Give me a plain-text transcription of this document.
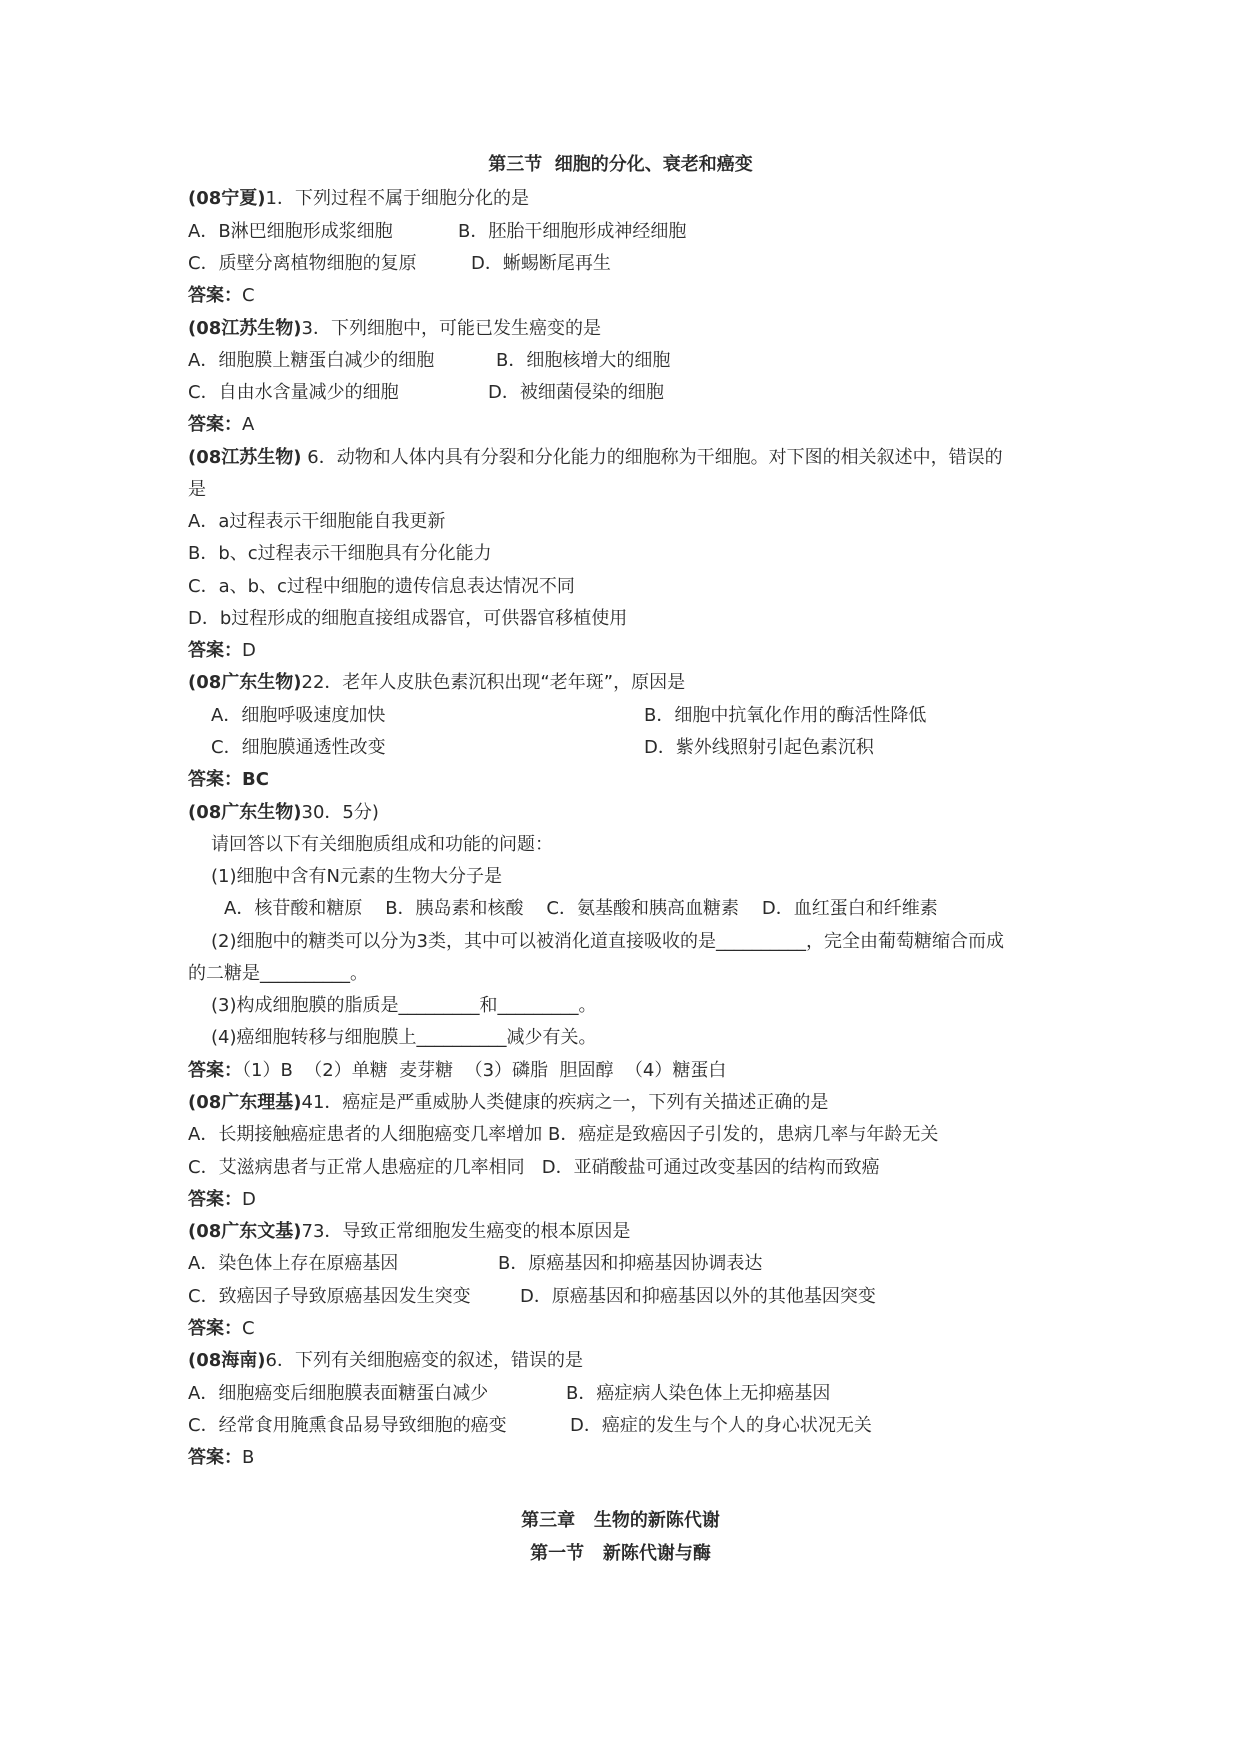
第三节  细胞的分化、衰老和癌变
(08宁夏)1．下列过程不属于细胞分化的是
A．B淋巴细胞形成浆细胞	B．胚胎干细胞形成神经细胞
C．质壁分离植物细胞的复原	D．蜥蜴断尾再生
答案：C
(08江苏生物)3．下列细胞中，可能已发生癌变的是
A．细胞膜上糖蛋白减少的细胞	B．细胞核增大的细胞
C．自由水含量减少的细胞	D．被细菌侵染的细胞
答案：A
(08江苏生物) 6．动物和人体内具有分裂和分化能力的细胞称为干细胞。对下图的相关叙述中，错误的
是
A．a过程表示干细胞能自我更新
B．b、c过程表示干细胞具有分化能力
C．a、b、c过程中细胞的遗传信息表达情况不同
D．b过程形成的细胞直接组成器官，可供器官移植使用
答案：D
(08广东生物)22．老年人皮肤色素沉积出现“老年斑”，原因是
A．细胞呼吸速度加快	B．细胞中抗氧化作用的酶活性降低
C．细胞膜通透性改变	D．紫外线照射引起色素沉积
答案：BC
(08广东生物)30．5分)
请回答以下有关细胞质组成和功能的问题：
(1)细胞中含有N元素的生物大分子是
A．核苷酸和糖原    B．胰岛素和核酸    C．氨基酸和胰高血糖素    D．血红蛋白和纤维素
(2)细胞中的糖类可以分为3类，其中可以被消化道直接吸收的是__________，完全由葡萄糖缩合而成
的二糖是__________。
(3)构成细胞膜的脂质是_________和_________。
(4)癌细胞转移与细胞膜上__________减少有关。
答案：（1）B  （2）单糖  麦芽糖  （3）磷脂  胆固醇  （4）糖蛋白
(08广东理基)41．癌症是严重威胁人类健康的疾病之一，下列有关描述正确的是
A．长期接触癌症患者的人细胞癌变几率增加 B．癌症是致癌因子引发的，患病几率与年龄无关
C．艾滋病患者与正常人患癌症的几率相同   D．亚硝酸盐可通过改变基因的结构而致癌
答案：D
(08广东文基)73．导致正常细胞发生癌变的根本原因是
A．染色体上存在原癌基因	B．原癌基因和抑癌基因协调表达
C．致癌因子导致原癌基因发生突变	D．原癌基因和抑癌基因以外的其他基因突变
答案：C
(08海南)6．下列有关细胞癌变的叙述，错误的是
A．细胞癌变后细胞膜表面糖蛋白减少	B．癌症病人染色体上无抑癌基因
C．经常食用腌熏食品易导致细胞的癌变	D．癌症的发生与个人的身心状况无关
答案：B
第三章   生物的新陈代谢
第一节   新陈代谢与酶
